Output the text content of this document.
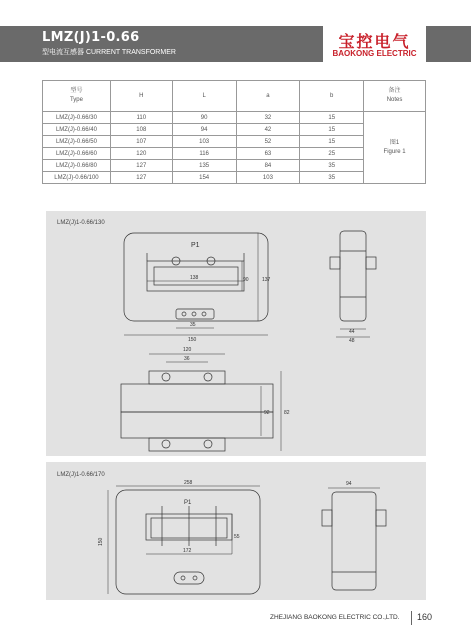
LMZ(J)1-0.66
型电流互感器 CURRENT TRANSFORMER
宝控电气
BAOKONG ELECTRIC
型号
Type	H	L	a	b	备注
Notes

LMZ(J)-0.66/30	110	90	32	15	图1
Figure 1

LMZ(J)-0.66/40	108	94	42	15	
LMZ(J)-0.66/50	107	103	52	15	
LMZ(J)-0.66/60	120	116	63	25	
LMZ(J)-0.66/80	127	135	84	35	
LMZ(J)-0.66/100	127	154	103	35	
LMZ(J)1-0.66/130
P1
138	90	137
35
150
44
48
120
36
92	82
LMZ(J)1-0.66/170
258	94
150
55
172
P1
ZHEJIANG BAOKONG ELECTRIC CO.,LTD. 160
